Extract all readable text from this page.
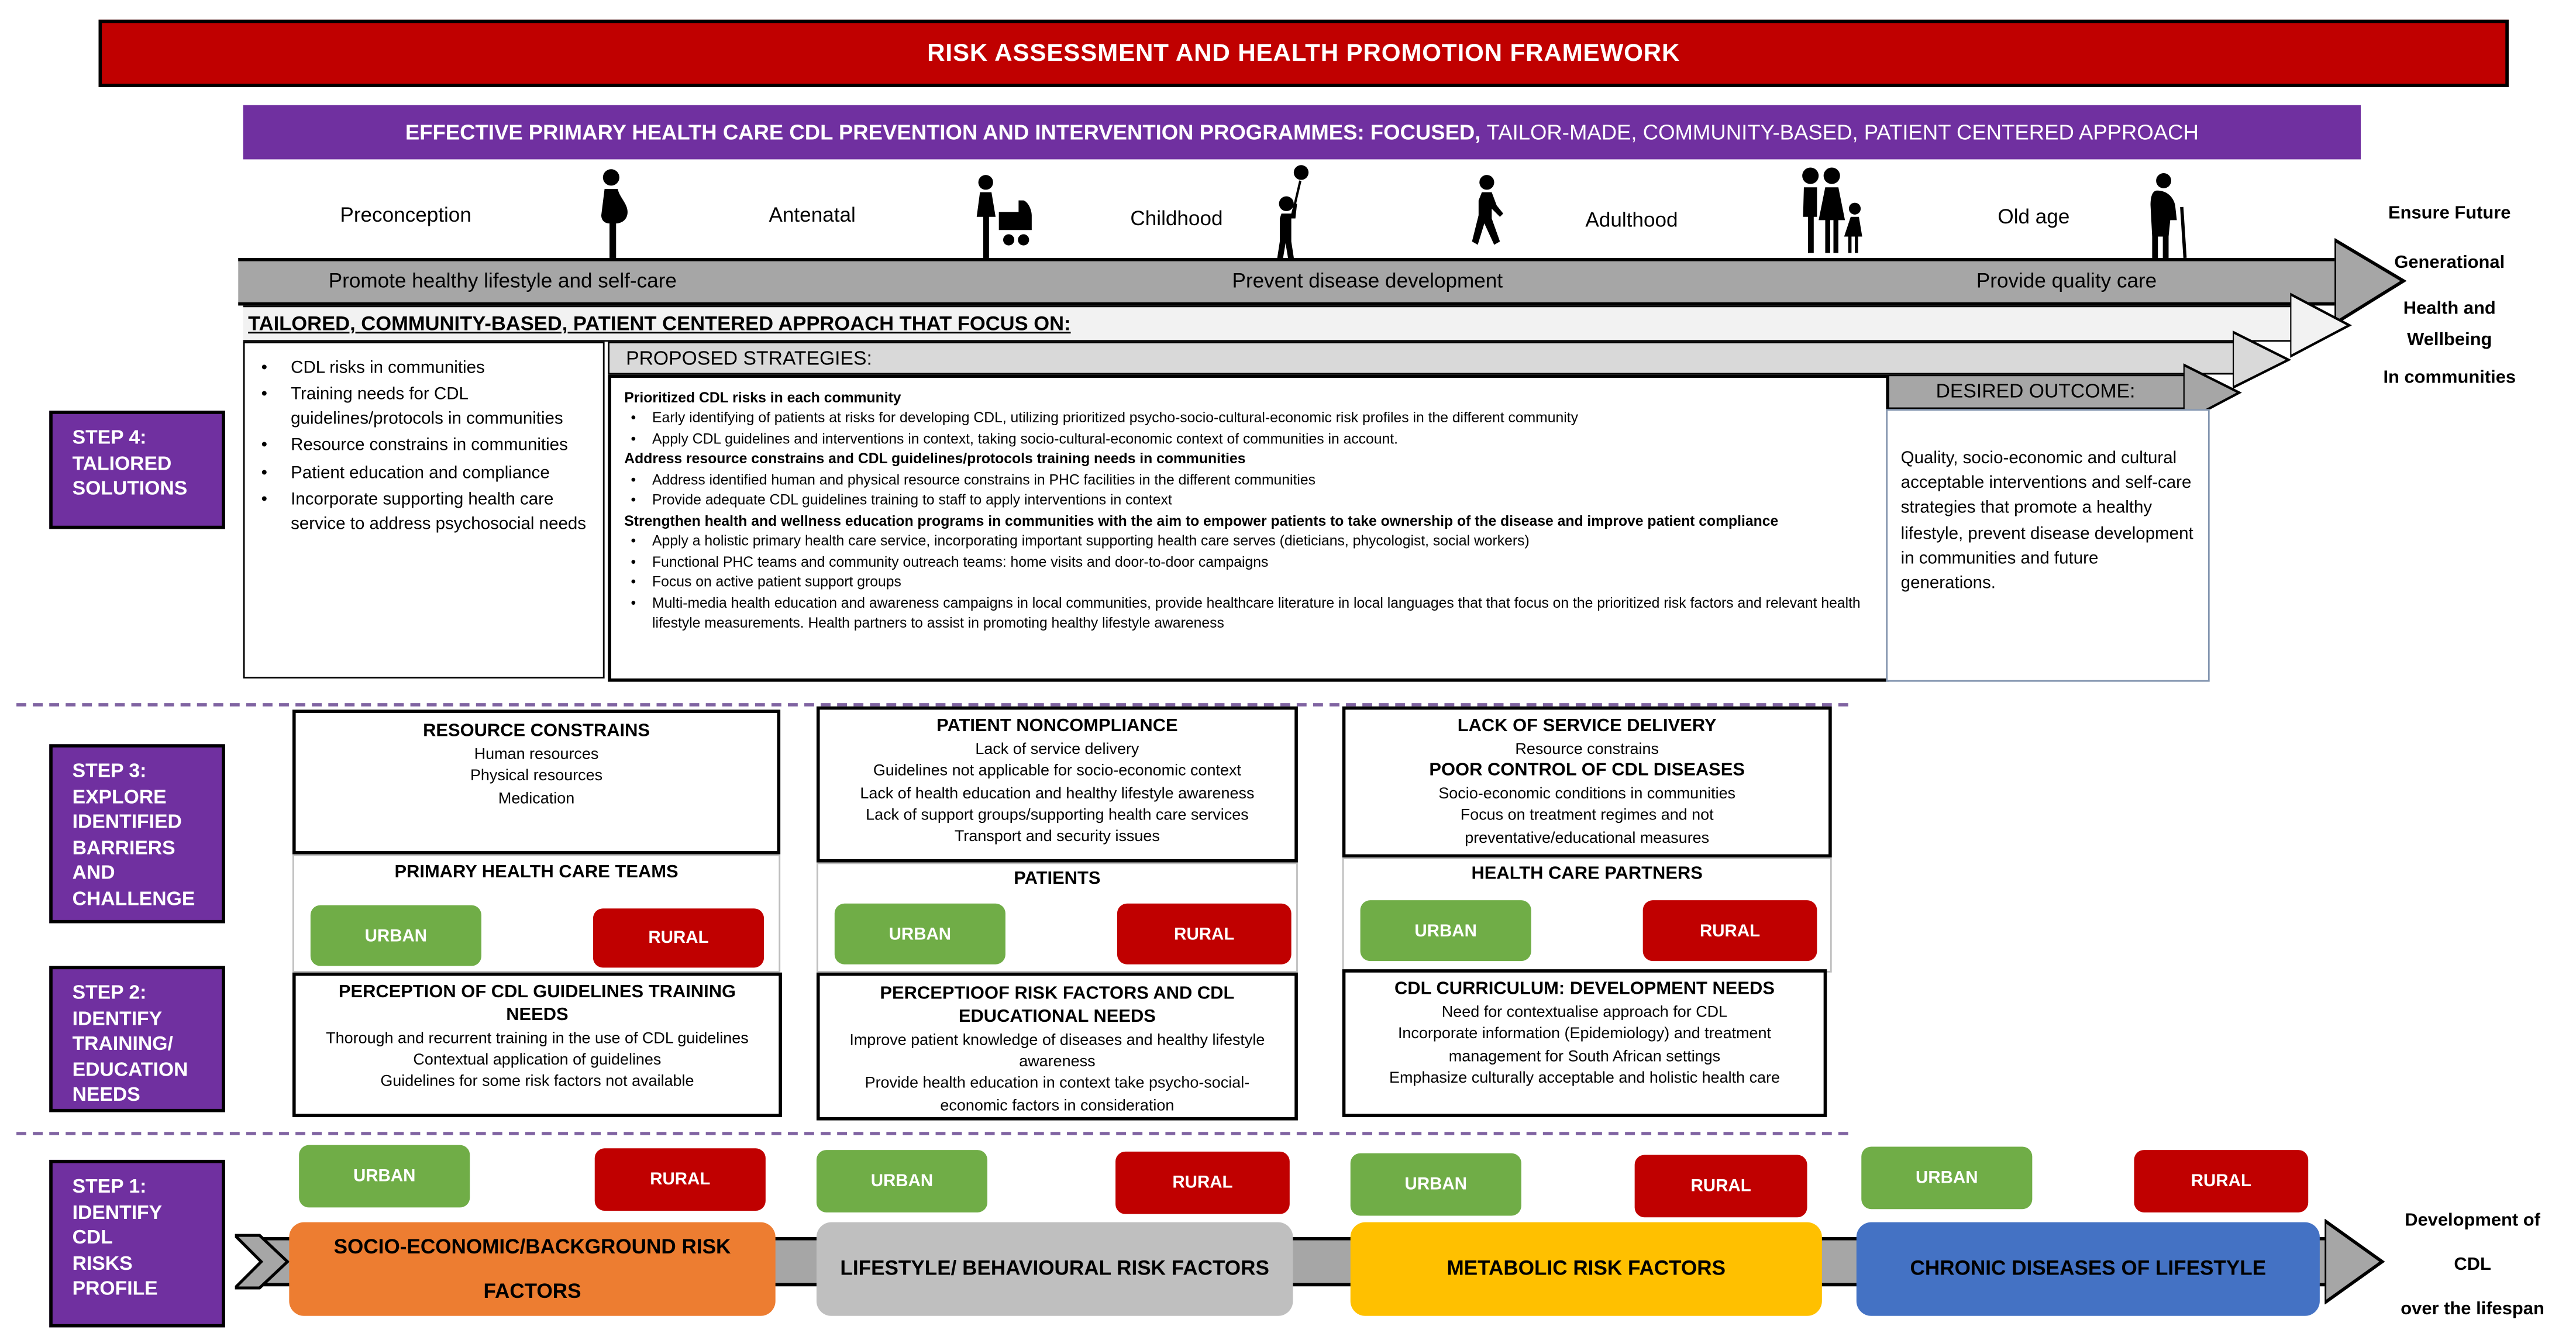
RISK ASSESSMENT AND HEALTH PROMOTION FRAMEWORK
EFFECTIVE PRIMARY HEALTH CARE CDL PREVENTION AND INTERVENTION PROGRAMMES: FOCUSED, TAILOR-MADE, COMMUNITY-BASED, PATIENT CENTERED APPROACH
Preconception	Antenatal	Childhood	Adulthood	Old age
Promote healthy lifestyle and self-care	Prevent disease development	Provide quality care
Ensure Future
Generational
Health and
Wellbeing
In communities
TAILORED, COMMUNITY-BASED, PATIENT CENTERED APPROACH THAT FOCUS ON:
PROPOSED STRATEGIES:
DESIRED OUTCOME:
• CDL risks in communities
• Training needs for CDL guidelines/protocols in communities
• Resource constrains in communities
• Patient education and compliance
• Incorporate supporting health care service to address psychosocial needs
Prioritized CDL risks in each community
• Early identifying of patients at risks for developing CDL, utilizing prioritized psycho-socio-cultural-economic risk profiles in the different community
• Apply CDL guidelines and interventions in context, taking socio-cultural-economic context of communities in account.
Address resource constrains and CDL guidelines/protocols training needs in communities
• Address identified human and physical resource constrains in PHC facilities in the different communities
• Provide adequate CDL guidelines training to staff to apply interventions in context
Strengthen health and wellness education programs in communities with the aim to empower patients to take ownership of the disease and improve patient compliance
• Apply a holistic primary health care service, incorporating important supporting health care serves (dieticians, phycologist, social workers)
• Functional PHC teams and community outreach teams: home visits and door-to-door campaigns
• Focus on active patient support groups
• Multi-media health education and awareness campaigns in local communities, provide healthcare literature in local languages that that focus on the prioritized risk factors and relevant health lifestyle measurements. Health partners to assist in promoting healthy lifestyle awareness
Quality, socio-economic and cultural acceptable interventions and self-care strategies that promote a healthy lifestyle, prevent disease development in communities and future generations.
STEP 4:
TALIORED
SOLUTIONS
STEP 3:
EXPLORE
IDENTIFIED
BARRIERS
AND
CHALLENGE
STEP 2:
IDENTIFY
TRAINING/
EDUCATION
NEEDS
STEP 1:
IDENTIFY
CDL
RISKS
PROFILE
RESOURCE CONSTRAINS
Human resources
Physical resources
Medication
PATIENT NONCOMPLIANCE
Lack of service delivery
Guidelines not applicable for socio-economic context
Lack of health education and healthy lifestyle awareness
Lack of support groups/supporting health care services
Transport and security issues
LACK OF SERVICE DELIVERY
Resource constrains
POOR CONTROL OF CDL DISEASES
Socio-economic conditions in communities
Focus on treatment regimes and not
preventative/educational measures
PRIMARY HEALTH CARE TEAMS
URBAN	RURAL
PATIENTS
URBAN	RURAL
HEALTH CARE PARTNERS
URBAN	RURAL
PERCEPTION OF CDL GUIDELINES TRAINING NEEDS
Thorough and recurrent training in the use of CDL guidelines
Contextual application of guidelines
Guidelines for some risk factors not available
PERCEPTIOOF RISK FACTORS AND CDL EDUCATIONAL NEEDS
Improve patient knowledge of diseases and healthy lifestyle awareness
Provide health education in context take psycho-social-economic factors in consideration
CDL CURRICULUM: DEVELOPMENT NEEDS
Need for contextualise approach for CDL
Incorporate information (Epidemiology) and treatment management for South African settings
Emphasize culturally acceptable and holistic health care
URBAN	RURAL	URBAN	RURAL	URBAN	RURAL	URBAN	RURAL
SOCIO-ECONOMIC/BACKGROUND RISK FACTORS
LIFESTYLE/ BEHAVIOURAL RISK FACTORS	METABOLIC RISK FACTORS	CHRONIC DISEASES OF LIFESTYLE
Development of
CDL
over the lifespan
